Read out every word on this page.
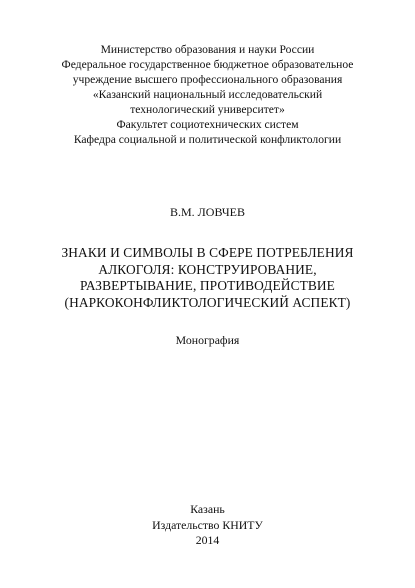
Министерство образования и науки России
Федеральное государственное бюджетное образовательное
учреждение высшего профессионального образования
«Казанский национальный исследовательский
технологический университет»
Факультет социотехнических систем
Кафедра социальной и политической конфликтологии
В.М. ЛОВЧЕВ
ЗНАКИ И СИМВОЛЫ В СФЕРЕ ПОТРЕБЛЕНИЯ
АЛКОГОЛЯ: КОНСТРУИРОВАНИЕ,
РАЗВЕРТЫВАНИЕ, ПРОТИВОДЕЙСТВИЕ
(НАРКОКОНФЛИКТОЛОГИЧЕСКИЙ АСПЕКТ)
Монография
Казань
Издательство КНИТУ
2014
